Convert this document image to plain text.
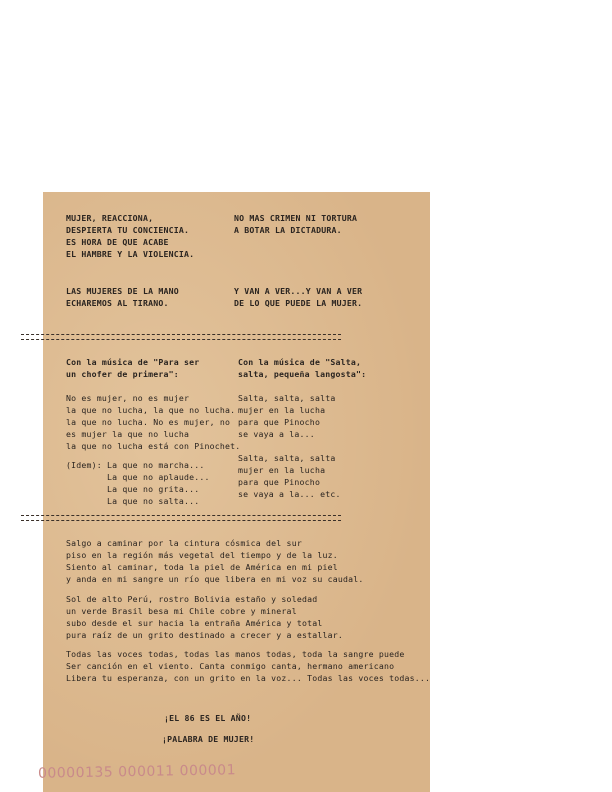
MUJER, REACCIONA,

DESPIERTA TU CONCIENCIA.

ES HORA DE QUE ACABE

EL HAMBRE Y LA VIOLENCIA.

NO MAS CRIMEN NI TORTURA

A BOTAR LA DICTADURA.

LAS MUJERES DE LA MANO

ECHAREMOS AL TIRANO.

Y VAN A VER...Y VAN A VER

DE LO QUE PUEDE LA MUJER.

Con la música de "Para ser

un chofer de primera":

No es mujer, no es mujer

la que no lucha, la que no lucha.

la que no lucha. No es mujer, no

es mujer la que no lucha

la que no lucha está con Pinochet.

(Idem): La que no marcha...

La que no aplaude...

La que no grita...

La que no salta...

Con la música de "Salta,

salta, pequeña langosta":

Salta, salta, salta

mujer en la lucha

para que Pinocho

se vaya a la...

Salta, salta, salta

mujer en la lucha

para que Pinocho

se vaya a la... etc.

Salgo a caminar por la cintura cósmica del sur

piso en la región más vegetal del tiempo y de la luz.

Siento al caminar, toda la piel de América en mi piel

y anda en mi sangre un río que libera en mi voz su caudal.

Sol de alto Perú, rostro Bolivia estaño y soledad

un verde Brasil besa mi Chile cobre y mineral

subo desde el sur hacia la entraña América y total

pura raíz de un grito destinado a crecer y a estallar.

Todas las voces todas, todas las manos todas, toda la sangre puede

Ser canción en el viento. Canta conmigo canta, hermano americano

Libera tu esperanza, con un grito en la voz... Todas las voces todas...

¡EL 86 ES EL AÑO!

¡PALABRA DE MUJER!

00000135 000011 000001
